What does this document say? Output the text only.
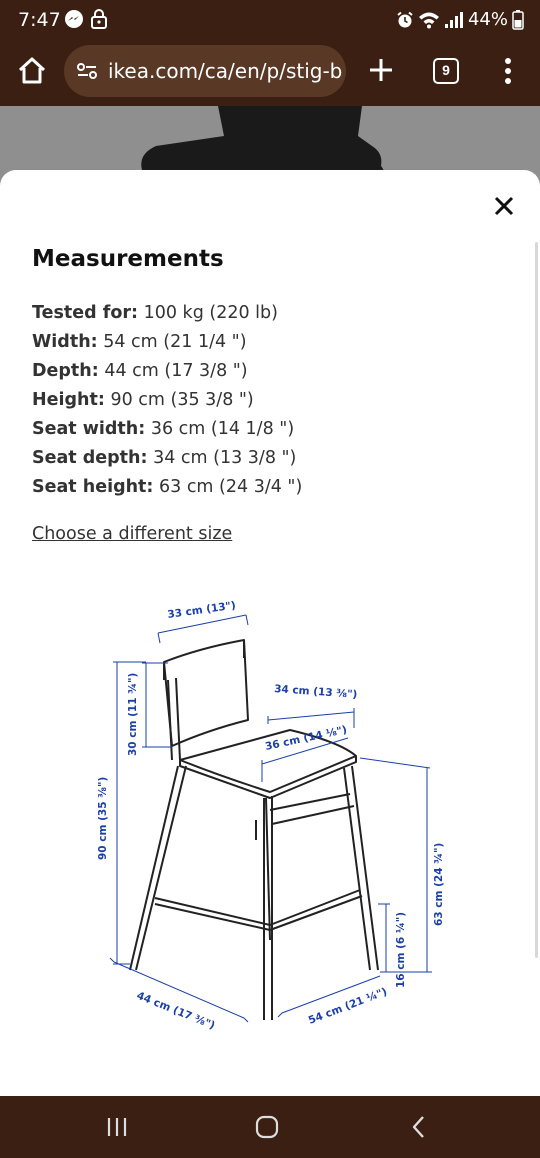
7:47	44%
ikea.com/ca/en/p/stig-b	9
Measurements
Tested for: 100 kg (220 lb)
Width: 54 cm (21 1/4 ")
Depth: 44 cm (17 3/8 ")
Height: 90 cm (35 3/8 ")
Seat width: 36 cm (14 1/8 ")
Seat depth: 34 cm (13 3/8 ")
Seat height: 63 cm (24 3/4 ")
Choose a different size
33 cm (13")
30 cm (11 ¾")	34 cm (13 ⅜")
36 cm (14 ⅛")
90 cm (35 ⅜")
63 cm (24 ¾")
16 cm (6 ¼")
44 cm (17 ⅜")	54 cm (21 ¼")
